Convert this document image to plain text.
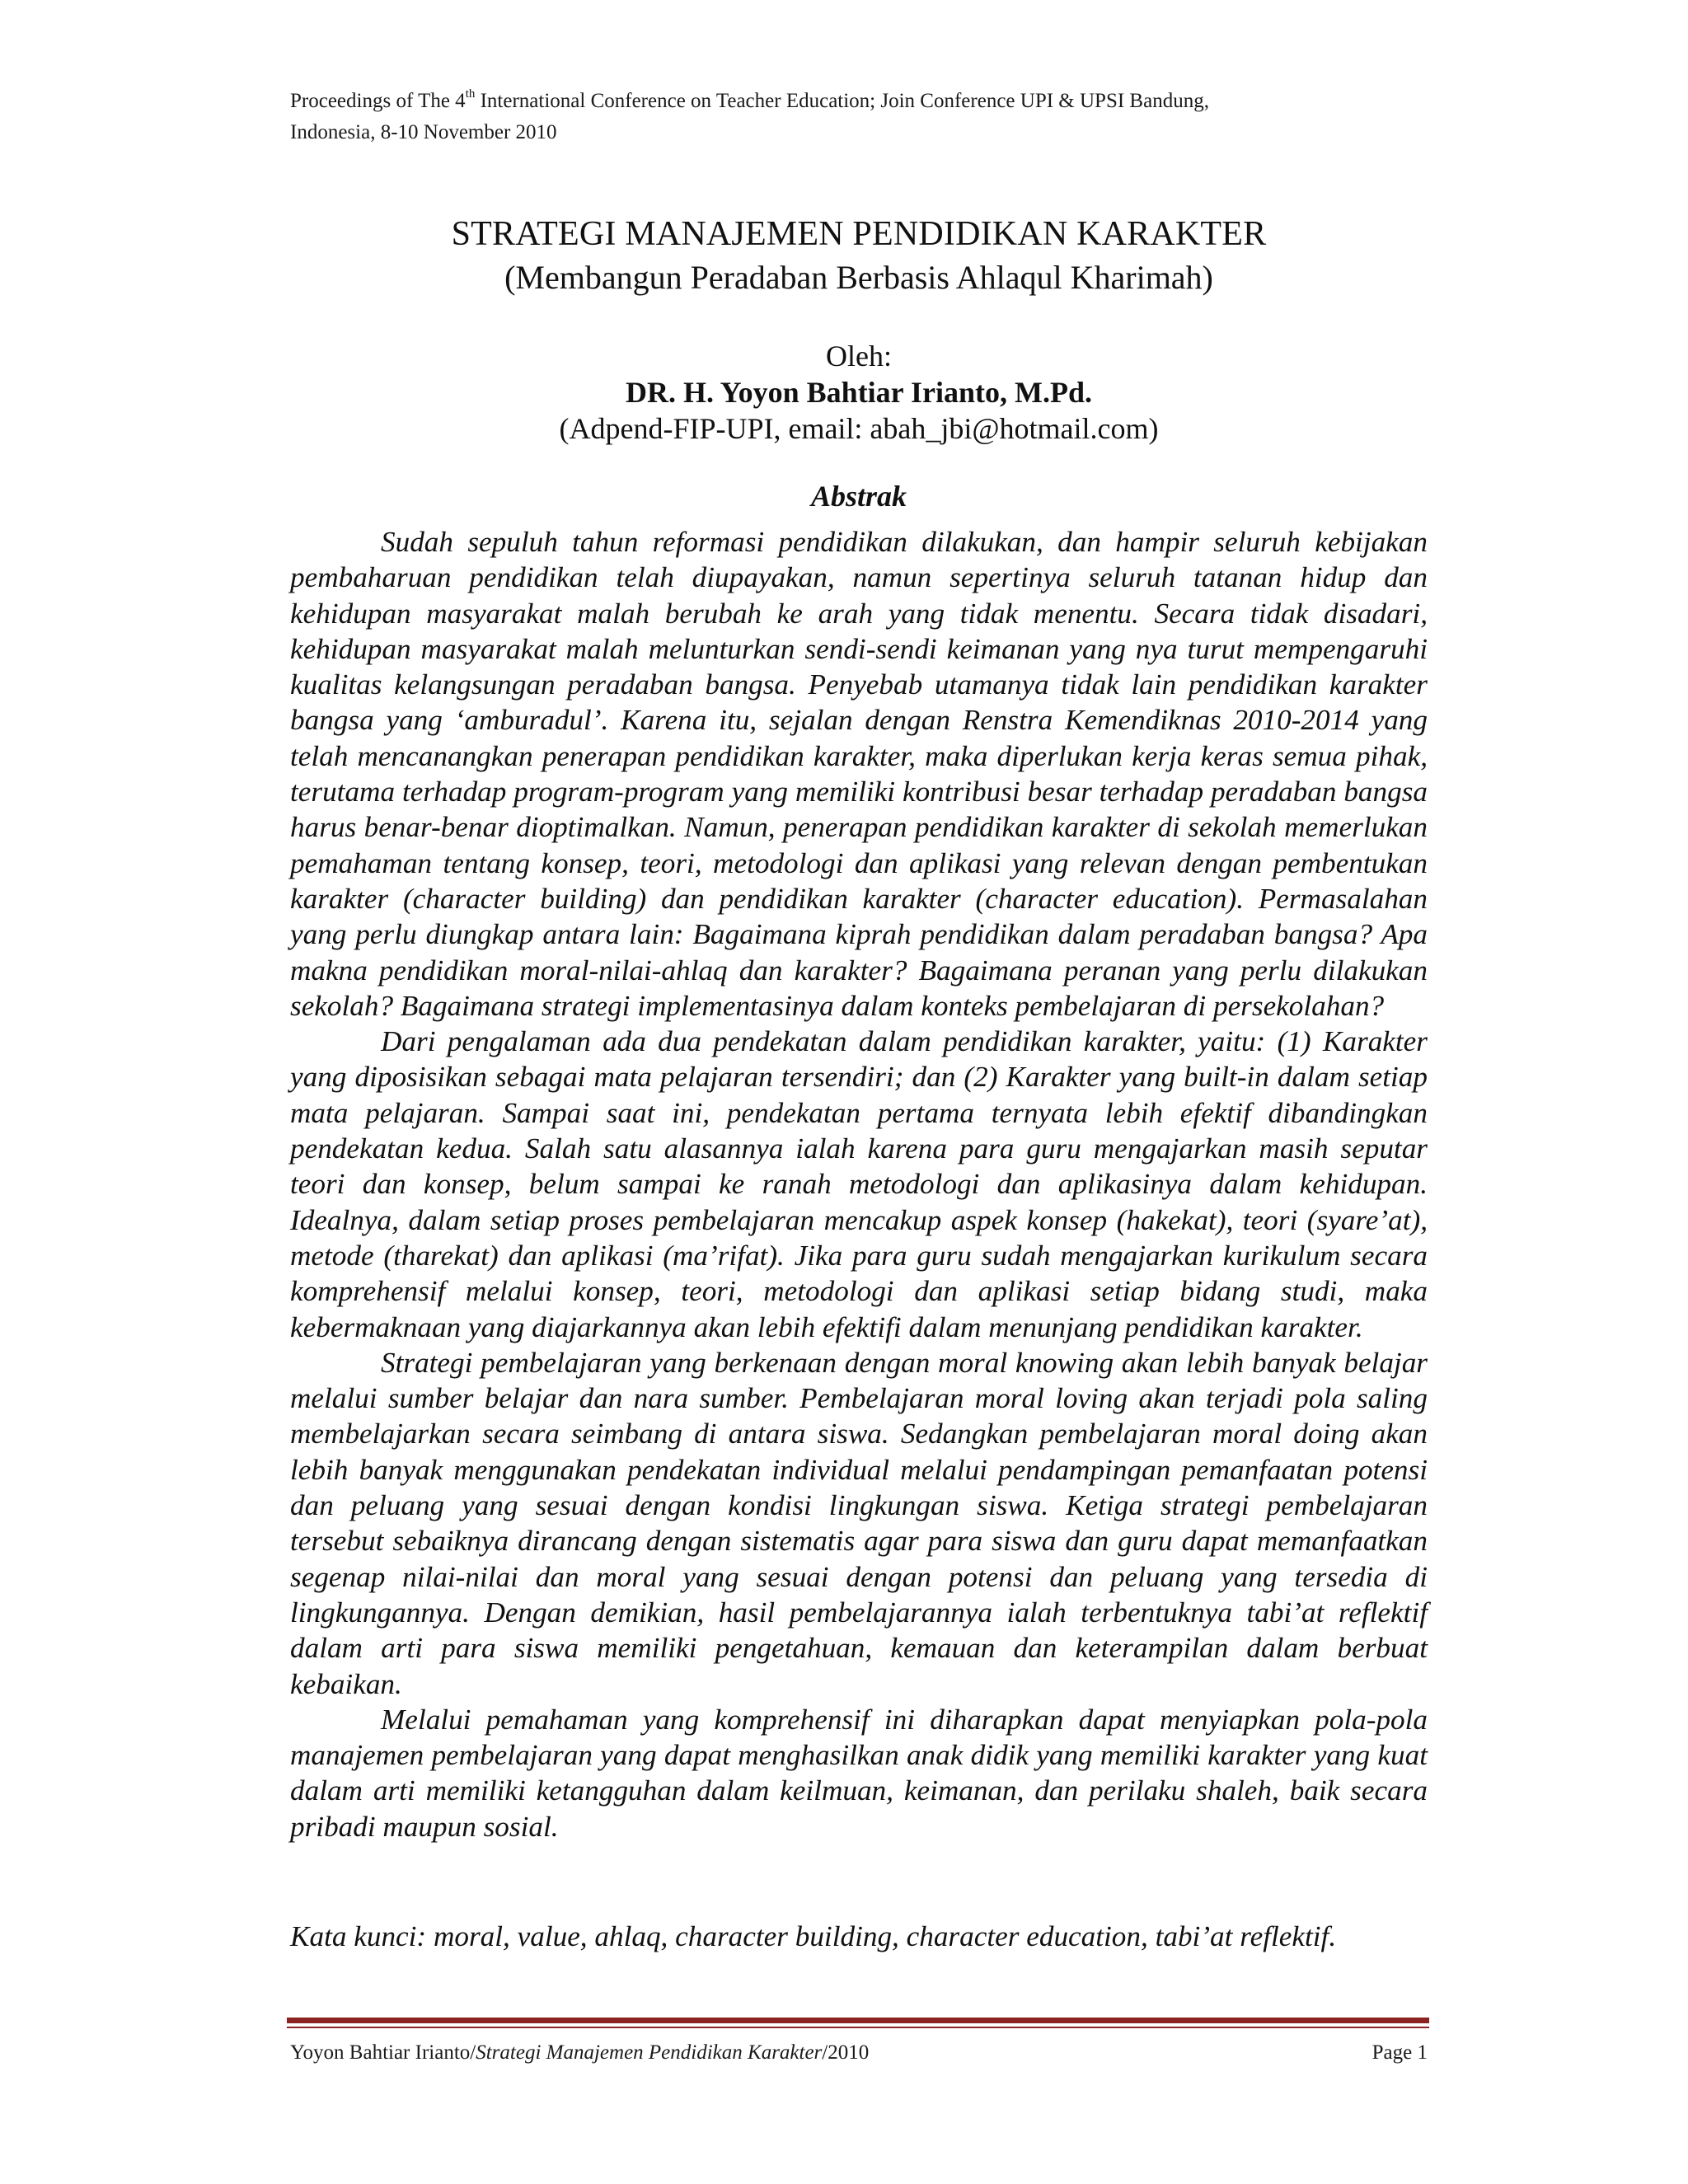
Proceedings of The 4th International Conference on Teacher Education; Join Conference UPI & UPSI Bandung,
Indonesia, 8-10 November 2010
STRATEGI MANAJEMEN PENDIDIKAN KARAKTER
(Membangun Peradaban Berbasis Ahlaqul Kharimah)
Oleh:
DR. H. Yoyon Bahtiar Irianto, M.Pd.
(Adpend-FIP-UPI, email: abah_jbi@hotmail.com)
Abstrak

Sudah sepuluh tahun reformasi pendidikan dilakukan, dan hampir seluruh kebijakan pembaharuan pendidikan telah diupayakan, namun sepertinya seluruh tatanan hidup dan kehidupan masyarakat malah berubah ke arah yang tidak menentu. Secara tidak disadari, kehidupan masyarakat malah melunturkan sendi-sendi keimanan yang nya turut mempengaruhi kualitas kelangsungan peradaban bangsa. Penyebab utamanya tidak lain pendidikan karakter bangsa yang ‘amburadul’. Karena itu, sejalan dengan Renstra Kemendiknas 2010-2014 yang telah mencanangkan penerapan pendidikan karakter, maka diperlukan kerja keras semua pihak, terutama terhadap program-program yang memiliki kontribusi besar terhadap peradaban bangsa harus benar-benar dioptimalkan. Namun, penerapan pendidikan karakter di sekolah memerlukan pemahaman tentang konsep, teori, metodologi dan aplikasi yang relevan dengan pembentukan karakter (character building) dan pendidikan karakter (character education). Permasalahan yang perlu diungkap antara lain: Bagaimana kiprah pendidikan dalam peradaban bangsa? Apa makna pendidikan moral-nilai-ahlaq dan karakter? Bagaimana peranan yang perlu dilakukan sekolah? Bagaimana strategi implementasinya dalam konteks pembelajaran di persekolahan?

Dari pengalaman ada dua pendekatan dalam pendidikan karakter, yaitu: (1) Karakter yang diposisikan sebagai mata pelajaran tersendiri; dan (2) Karakter yang built-in dalam setiap mata pelajaran. Sampai saat ini, pendekatan pertama ternyata lebih efektif dibandingkan pendekatan kedua. Salah satu alasannya ialah karena para guru mengajarkan masih seputar teori dan konsep, belum sampai ke ranah metodologi dan aplikasinya dalam kehidupan. Idealnya, dalam setiap proses pembelajaran mencakup aspek konsep (hakekat), teori (syare’at), metode (tharekat) dan aplikasi (ma’rifat). Jika para guru sudah mengajarkan kurikulum secara komprehensif melalui konsep, teori, metodologi dan aplikasi setiap bidang studi, maka kebermaknaan yang diajarkannya akan lebih efektifi dalam menunjang pendidikan karakter.

Strategi pembelajaran yang berkenaan dengan moral knowing akan lebih banyak belajar melalui sumber belajar dan nara sumber. Pembelajaran moral loving akan terjadi pola saling membelajarkan secara seimbang di antara siswa. Sedangkan pembelajaran moral doing akan lebih banyak menggunakan pendekatan individual melalui pendampingan pemanfaatan potensi dan peluang yang sesuai dengan kondisi lingkungan siswa. Ketiga strategi pembelajaran tersebut sebaiknya dirancang dengan sistematis agar para siswa dan guru dapat memanfaatkan segenap nilai-nilai dan moral yang sesuai dengan potensi dan peluang yang tersedia di lingkungannya. Dengan demikian, hasil pembelajarannya ialah terbentuknya tabi’at reflektif dalam arti para siswa memiliki pengetahuan, kemauan dan keterampilan dalam berbuat kebaikan.

Melalui pemahaman yang komprehensif ini diharapkan dapat menyiapkan pola-pola manajemen pembelajaran yang dapat menghasilkan anak didik yang memiliki karakter yang kuat dalam arti memiliki ketangguhan dalam keilmuan, keimanan, dan perilaku shaleh, baik secara pribadi maupun sosial.

Kata kunci: moral, value, ahlaq, character building, character education, tabi’at reflektif.
Yoyon Bahtiar Irianto/Strategi Manajemen Pendidikan Karakter/2010	Page 1
